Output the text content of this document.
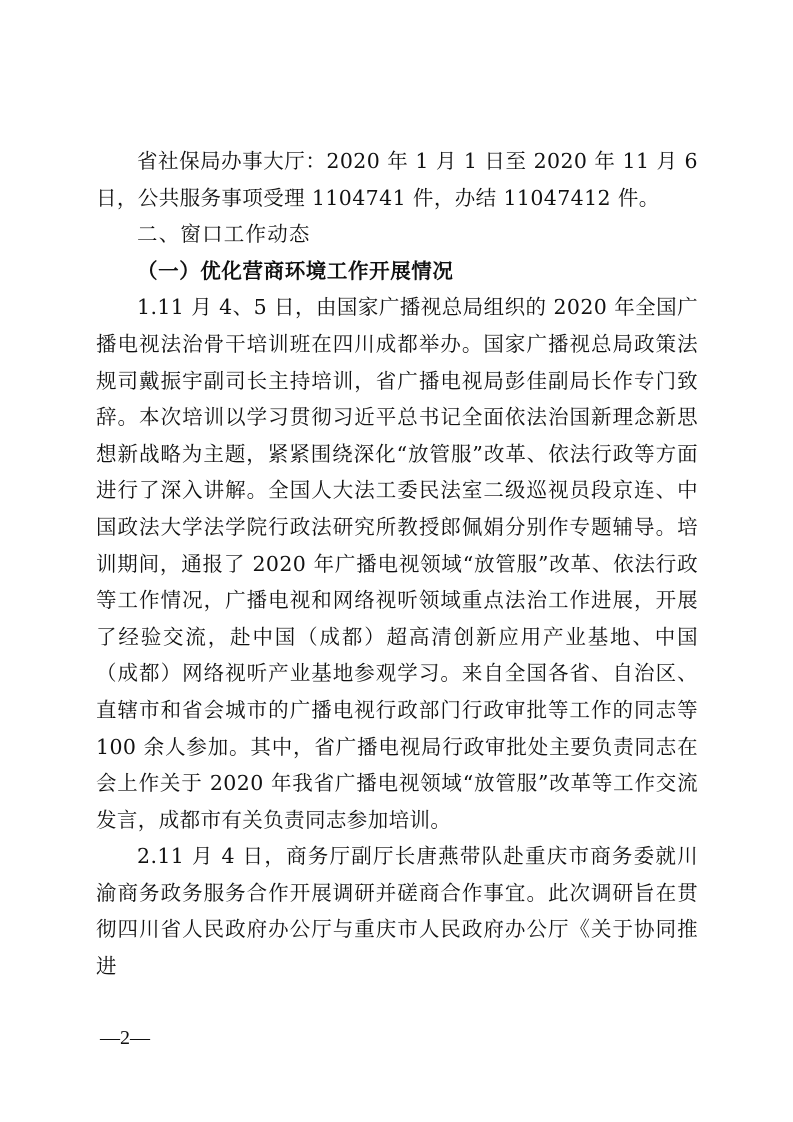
省社保局办事大厅：2020 年 1 月 1 日至 2020 年 11 月 6 日，公共服务事项受理 1104741 件，办结 11047412 件。

二、窗口工作动态
（一）优化营商环境工作开展情况

1.11 月 4、5 日，由国家广播视总局组织的 2020 年全国广播电视法治骨干培训班在四川成都举办。国家广播视总局政策法规司戴振宇副司长主持培训，省广播电视局彭佳副局长作专门致辞。本次培训以学习贯彻习近平总书记全面依法治国新理念新思想新战略为主题，紧紧围绕深化“放管服”改革、依法行政等方面进行了深入讲解。全国人大法工委民法室二级巡视员段京连、中国政法大学法学院行政法研究所教授郎佩娟分别作专题辅导。培训期间，通报了 2020 年广播电视领域“放管服”改革、依法行政等工作情况，广播电视和网络视听领域重点法治工作进展，开展了经验交流，赴中国（成都）超高清创新应用产业基地、中国（成都）网络视听产业基地参观学习。来自全国各省、自治区、直辖市和省会城市的广播电视行政部门行政审批等工作的同志等 100 余人参加。其中，省广播电视局行政审批处主要负责同志在会上作关于 2020 年我省广播电视领域“放管服”改革等工作交流发言，成都市有关负责同志参加培训。

2.11 月 4 日，商务厅副厅长唐燕带队赴重庆市商务委就川渝商务政务服务合作开展调研并磋商合作事宜。此次调研旨在贯彻四川省人民政府办公厅与重庆市人民政府办公厅《关于协同推进

—2—
